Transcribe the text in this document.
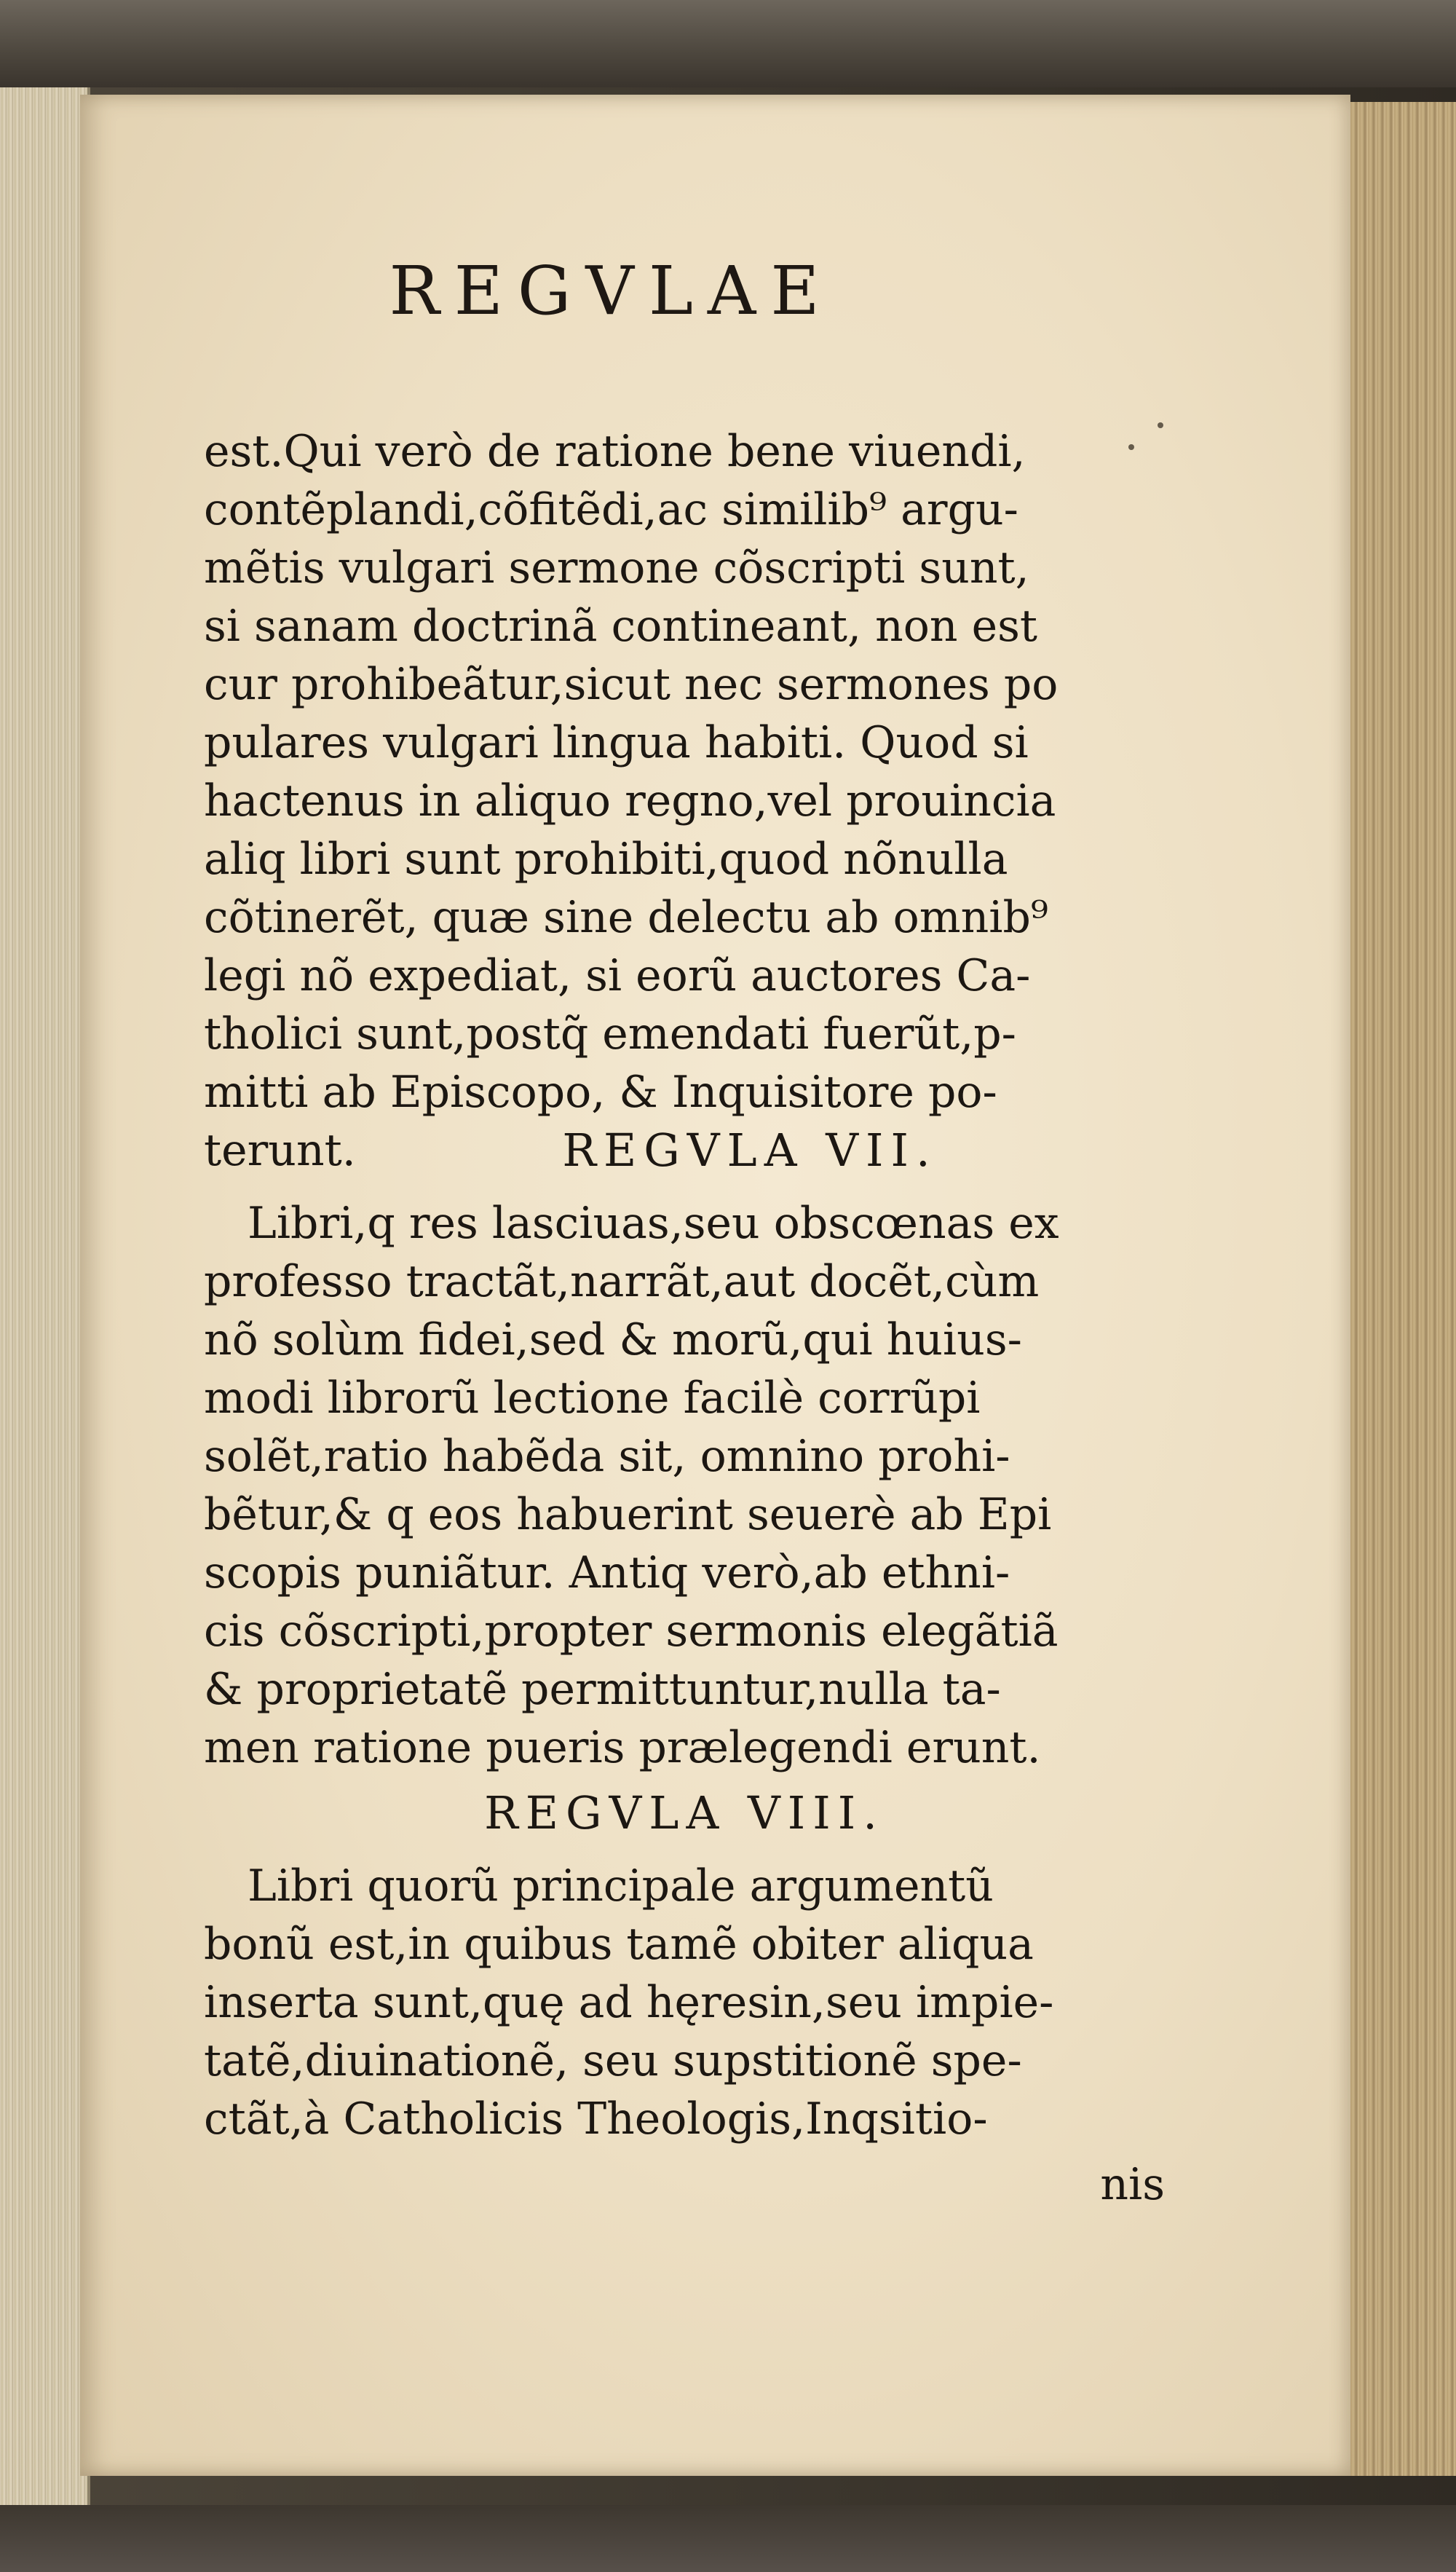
REGVLAE
est.Qui verò de ratione bene viuendi,
contẽplandi,cõfitẽdi,ac similib⁹ argu-
mẽtis vulgari sermone cõscripti sunt,
si sanam doctrinã contineant, non est
cur prohibeãtur,sicut nec sermones po
pulares vulgari lingua habiti. Quod si
hactenus in aliquo regno,vel prouincia
aliq libri sunt prohibiti,quod nõnulla
cõtinerẽt, quæ sine delectu ab omnib⁹
legi nõ expediat, si eorũ auctores Ca-
tholici sunt,postq̃ emendati fuerũt,p-
mitti ab Episcopo, & Inquisitore po-
terunt.	REGVLA VII.
Libri,q res lasciuas,seu obscœnas ex
professo tractãt,narrãt,aut docẽt,cùm
nõ solùm fidei,sed & morũ,qui huius-
modi librorũ lectione facilè corrũpi
solẽt,ratio habẽda sit, omnino prohi-
bẽtur,& q eos habuerint seuerè ab Epi
scopis puniãtur. Antiq verò,ab ethni-
cis cõscripti,propter sermonis elegãtiã
& proprietatẽ permittuntur,nulla ta-
men ratione pueris prælegendi erunt.
REGVLA VIII.
Libri quorũ principale argumentũ
bonũ est,in quibus tamẽ obiter aliqua
inserta sunt,quę ad hęresin,seu impie-
tatẽ,diuinationẽ, seu supstitionẽ spe-
ctãt,à Catholicis Theologis,Inqsitio-
nis
